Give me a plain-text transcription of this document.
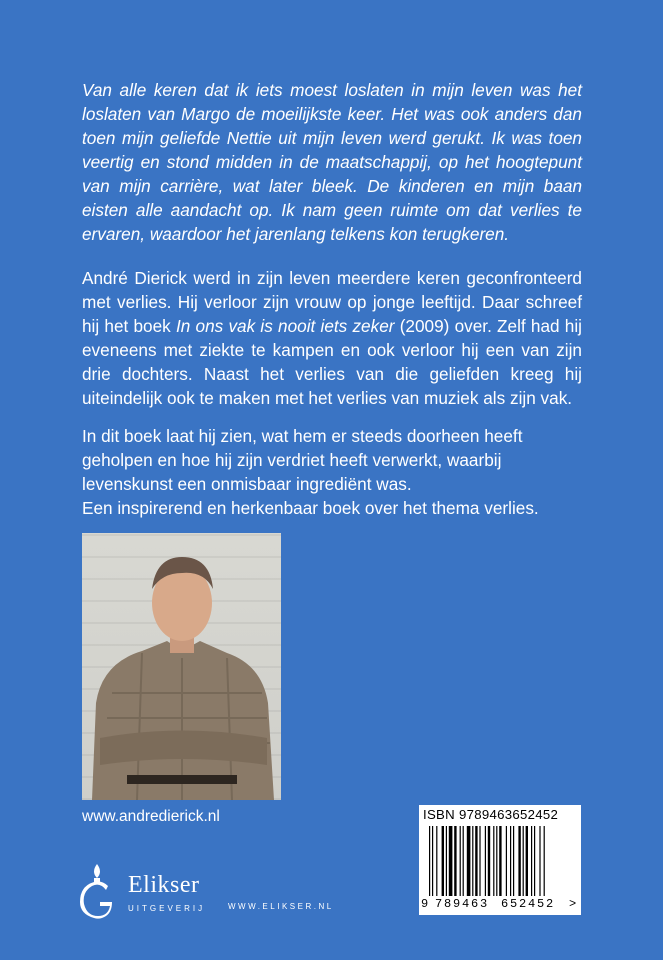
Van alle keren dat ik iets moest loslaten in mijn leven was het loslaten van Margo de moeilijkste keer. Het was ook anders dan toen mijn geliefde Nettie uit mijn leven werd gerukt. Ik was toen veertig en stond midden in de maatschappij, op het hoogtepunt van mijn carrière, wat later bleek. De kinderen en mijn baan eisten alle aandacht op. Ik nam geen ruimte om dat verlies te ervaren, waardoor het jarenlang telkens kon terugkeren.

André Dierick werd in zijn leven meerdere keren geconfronteerd met verlies. Hij verloor zijn vrouw op jonge leeftijd. Daar schreef hij het boek In ons vak is nooit iets zeker (2009) over. Zelf had hij eveneens met ziekte te kampen en ook verloor hij een van zijn drie dochters. Naast het verlies van die geliefden kreeg hij uiteindelijk ook te maken met het verlies van muziek als zijn vak.

In dit boek laat hij zien, wat hem er steeds doorheen heeft geholpen en hoe hij zijn verdriet heeft verwerkt, waarbij levenskunst een onmisbaar ingrediënt was.
Een inspirerend en herkenbaar boek over het thema verlies.
www.andredierick.nl
Elikser
UITGEVERIJ	WWW.ELIKSER.NL
ISBN 9789463652452
9 789463 652452 >
